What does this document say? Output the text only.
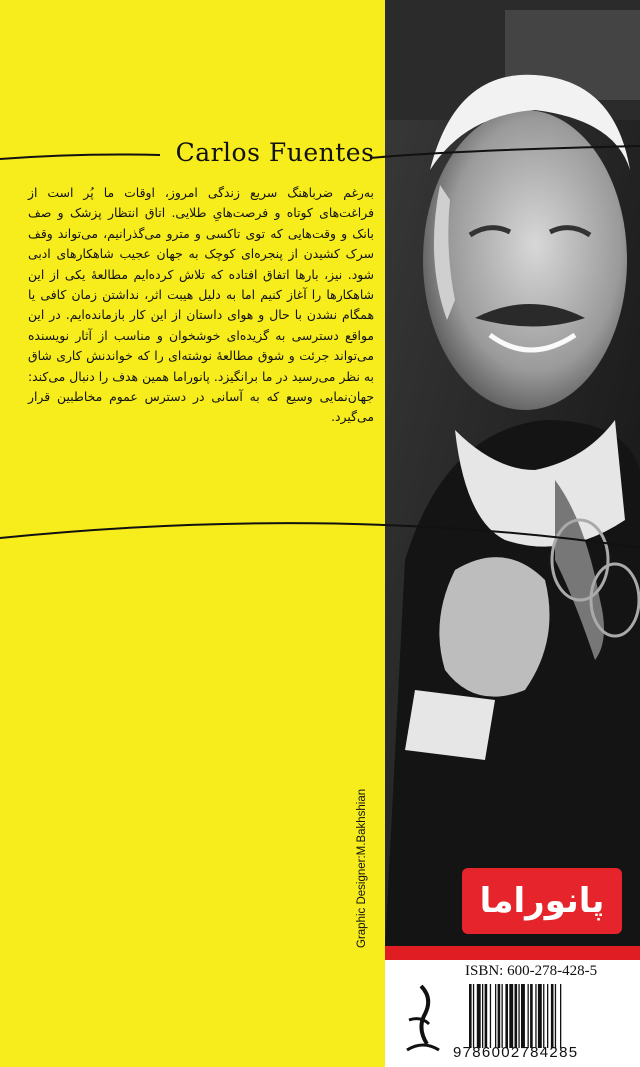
Carlos Fuentes
به‌رغم ضرباهنگ سریع زندگی امروز، اوقات ما پُر است از فراغت‌های کوتاه و فرصت‌هایِ طلایی. اتاق انتظار پزشک و صف بانک و وقت‌هایی که توی تاکسی و مترو می‌گذرانیم، می‌تواند وقف سرک کشیدن از پنجره‌ای کوچک به جهان عجیب شاهکارهای ادبی شود. نیز، بارها اتفاق افتاده که تلاش کرده‌ایم مطالعۀ یکی از این شاهکارها را آغاز کنیم اما به دلیل هیبت اثر، نداشتن زمان کافی یا همگام نشدن با حال و هوای داستان از این کار بازمانده‌ایم. در این مواقع دسترسی به گزیده‌ای خوشخوان و مناسب از آثار نویسنده می‌تواند جرئت و شوق مطالعۀ نوشته‌ای را که خواندنش کاری شاق به نظر می‌رسید در ما برانگیزد. پانوراما همین هدف را دنبال می‌کند: جهان‌نمایی وسیع که به آسانی در دسترس عموم مخاطبین قرار می‌گیرد.
Graphic Designer:M.Bakhshian	پانوراما
ISBN: 600-278-428-5
9786002784285
